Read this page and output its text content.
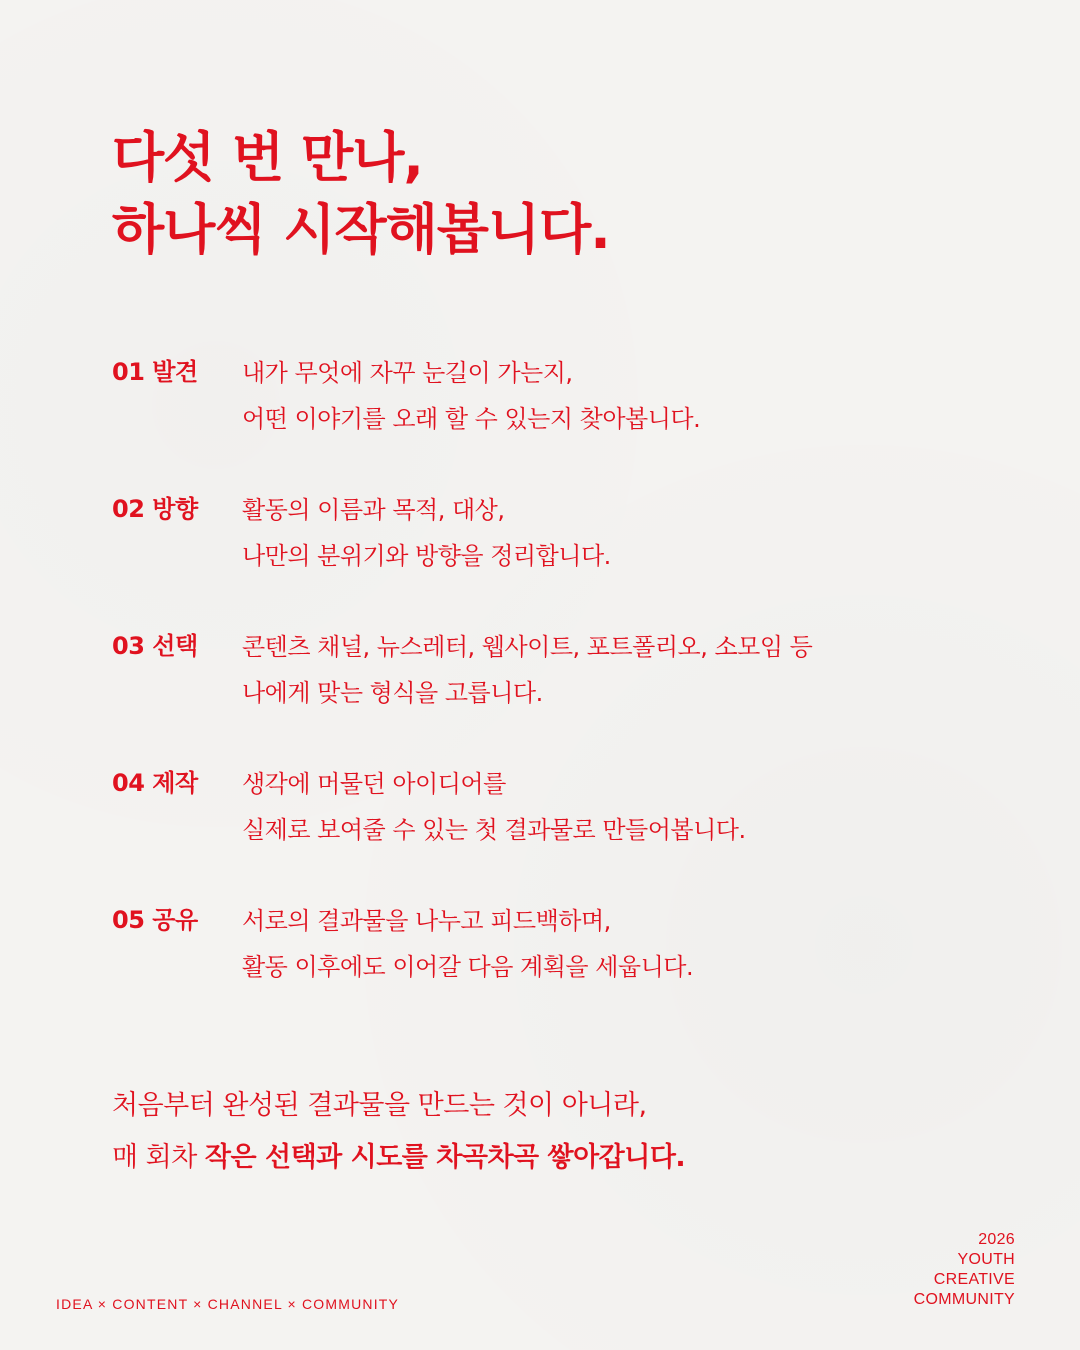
다섯 번 만나,
하나씩 시작해봅니다.
01 발견 내가 무엇에 자꾸 눈길이 가는지,
어떤 이야기를 오래 할 수 있는지 찾아봅니다.
02 방향 활동의 이름과 목적, 대상,
나만의 분위기와 방향을 정리합니다.
03 선택 콘텐츠 채널, 뉴스레터, 웹사이트, 포트폴리오, 소모임 등
나에게 맞는 형식을 고릅니다.
04 제작 생각에 머물던 아이디어를
실제로 보여줄 수 있는 첫 결과물로 만들어봅니다.
05 공유 서로의 결과물을 나누고 피드백하며,
활동 이후에도 이어갈 다음 계획을 세웁니다.
처음부터 완성된 결과물을 만드는 것이 아니라,
매 회차 작은 선택과 시도를 차곡차곡 쌓아갑니다.
IDEA × CONTENT × CHANNEL × COMMUNITY
2026
YOUTH
CREATIVE
COMMUNITY
